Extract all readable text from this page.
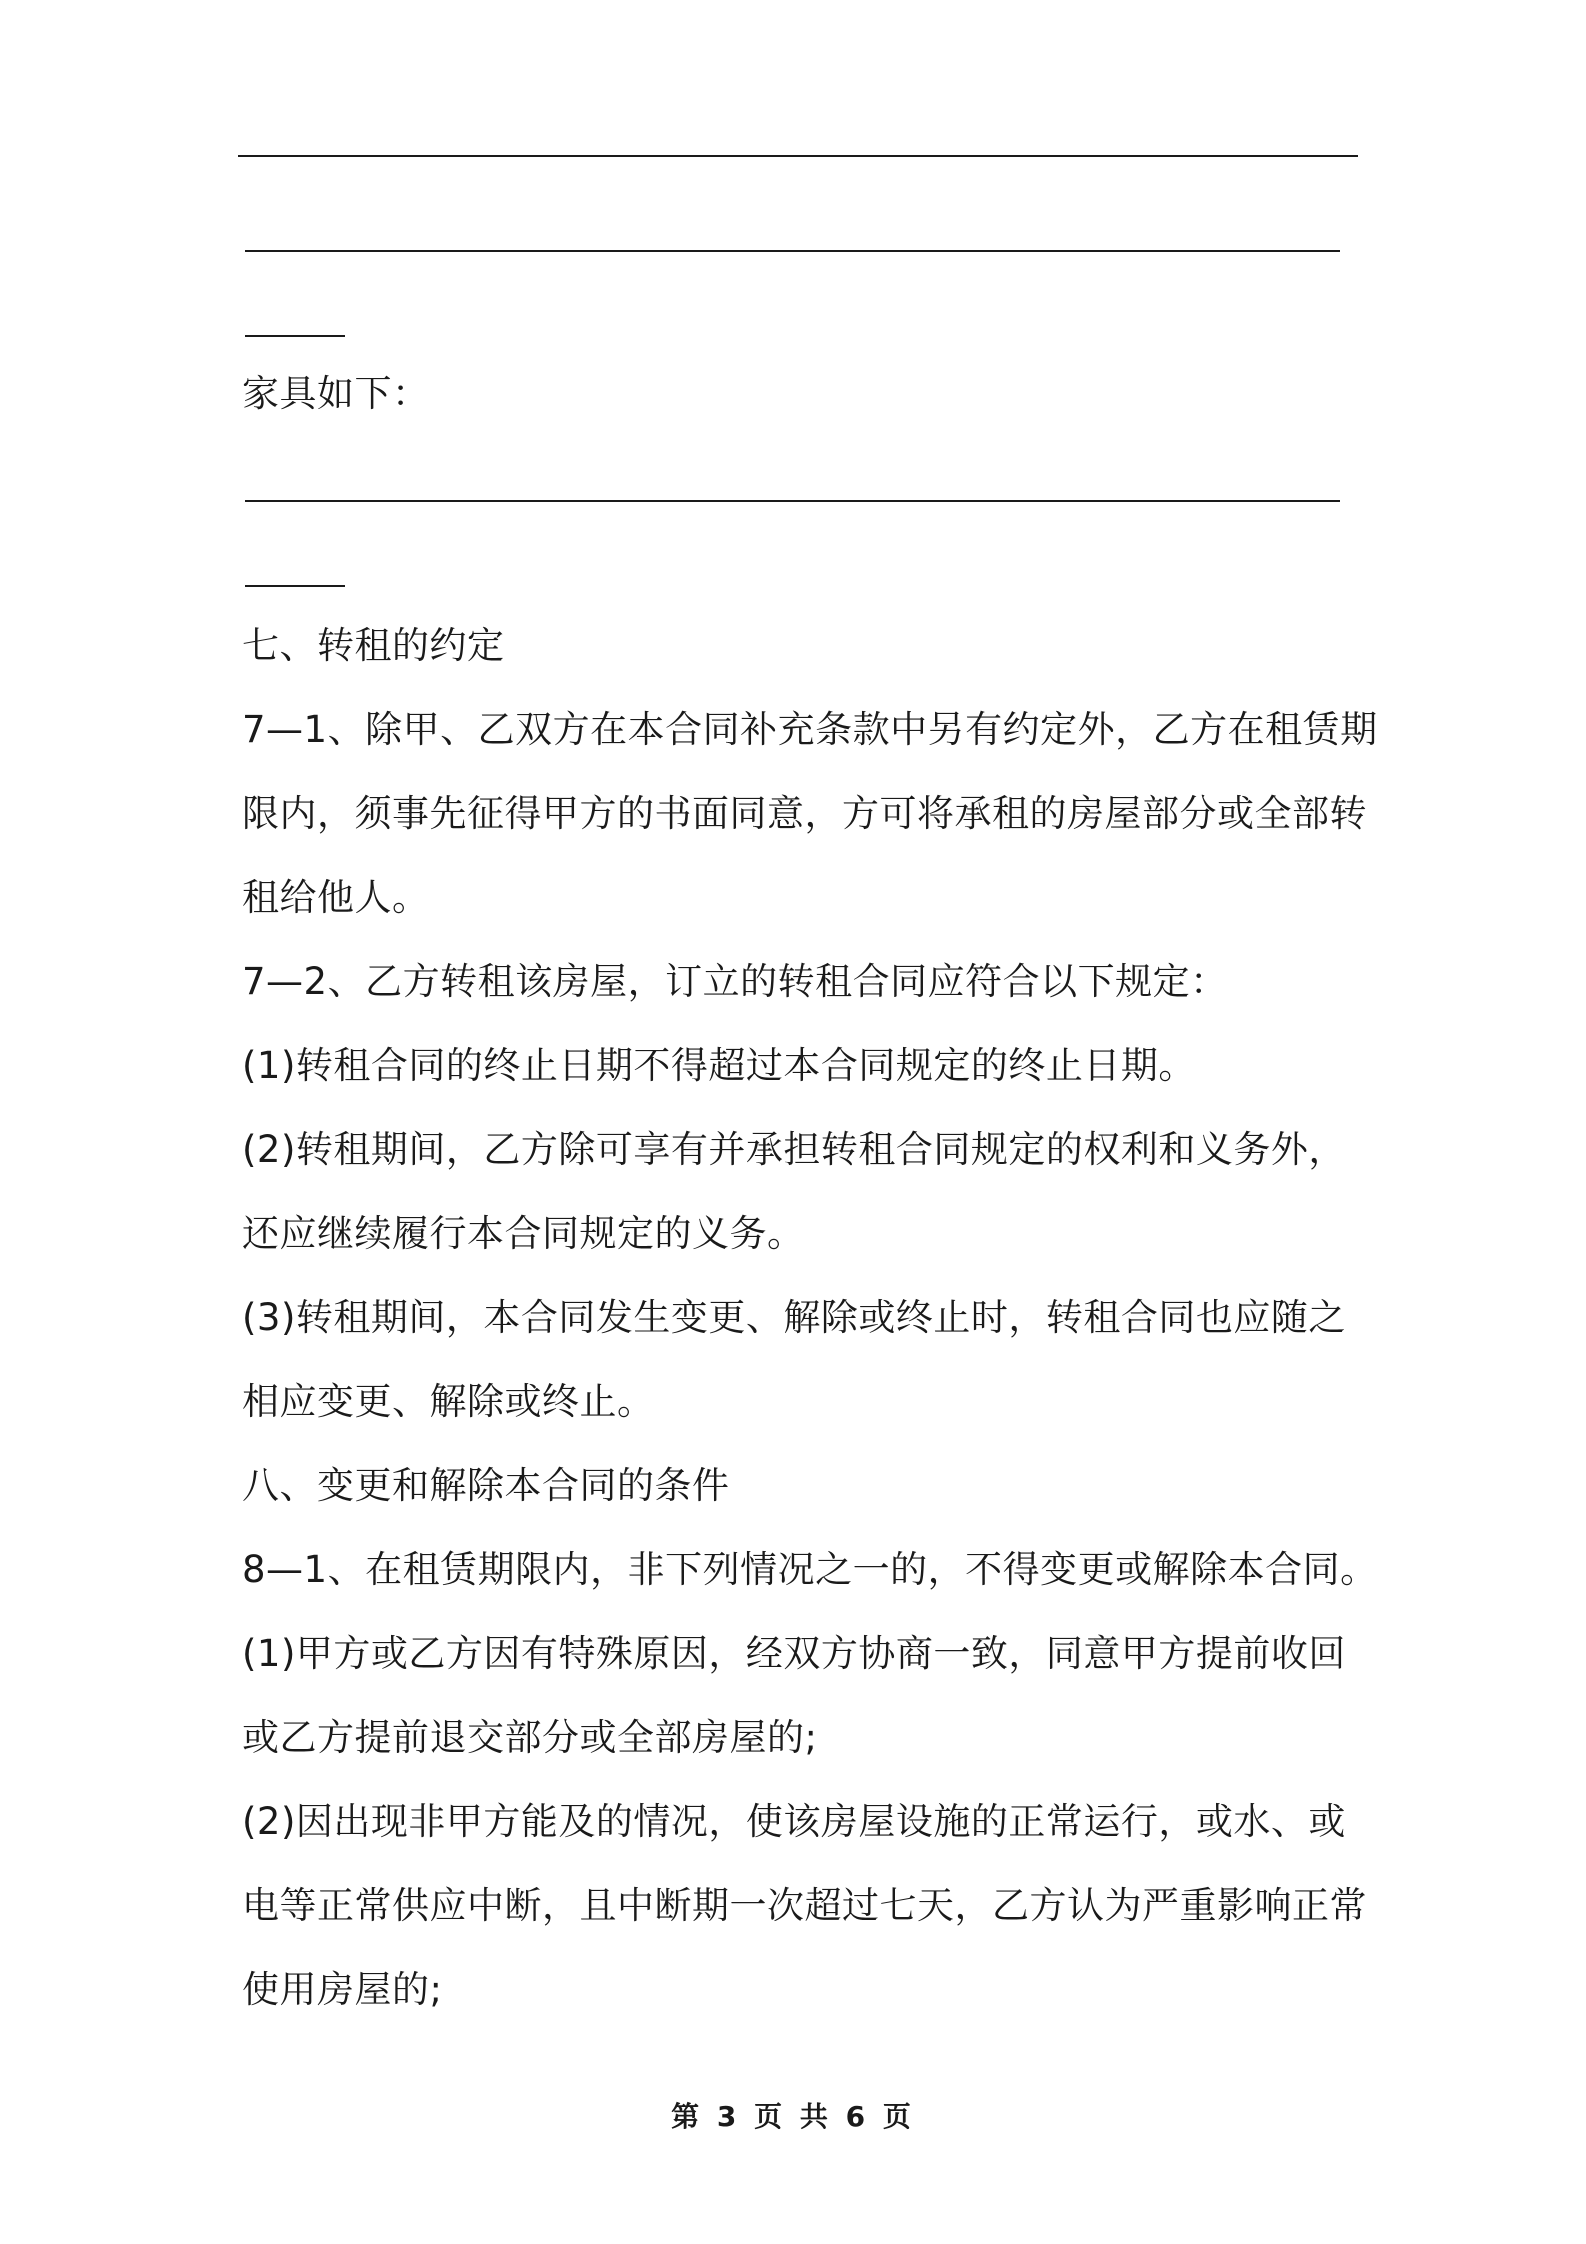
家具如下：
七、转租的约定
7—1、除甲、乙双方在本合同补充条款中另有约定外，乙方在租赁期
限内，须事先征得甲方的书面同意，方可将承租的房屋部分或全部转
租给他人。
7—2、乙方转租该房屋，订立的转租合同应符合以下规定：
(1)转租合同的终止日期不得超过本合同规定的终止日期。
(2)转租期间，乙方除可享有并承担转租合同规定的权利和义务外，
还应继续履行本合同规定的义务。
(3)转租期间，本合同发生变更、解除或终止时，转租合同也应随之
相应变更、解除或终止。
八、变更和解除本合同的条件
8—1、在租赁期限内，非下列情况之一的，不得变更或解除本合同。
(1)甲方或乙方因有特殊原因，经双方协商一致，同意甲方提前收回
或乙方提前退交部分或全部房屋的;
(2)因出现非甲方能及的情况，使该房屋设施的正常运行，或水、或
电等正常供应中断，且中断期一次超过七天，乙方认为严重影响正常
使用房屋的;
第 3 页 共 6 页
